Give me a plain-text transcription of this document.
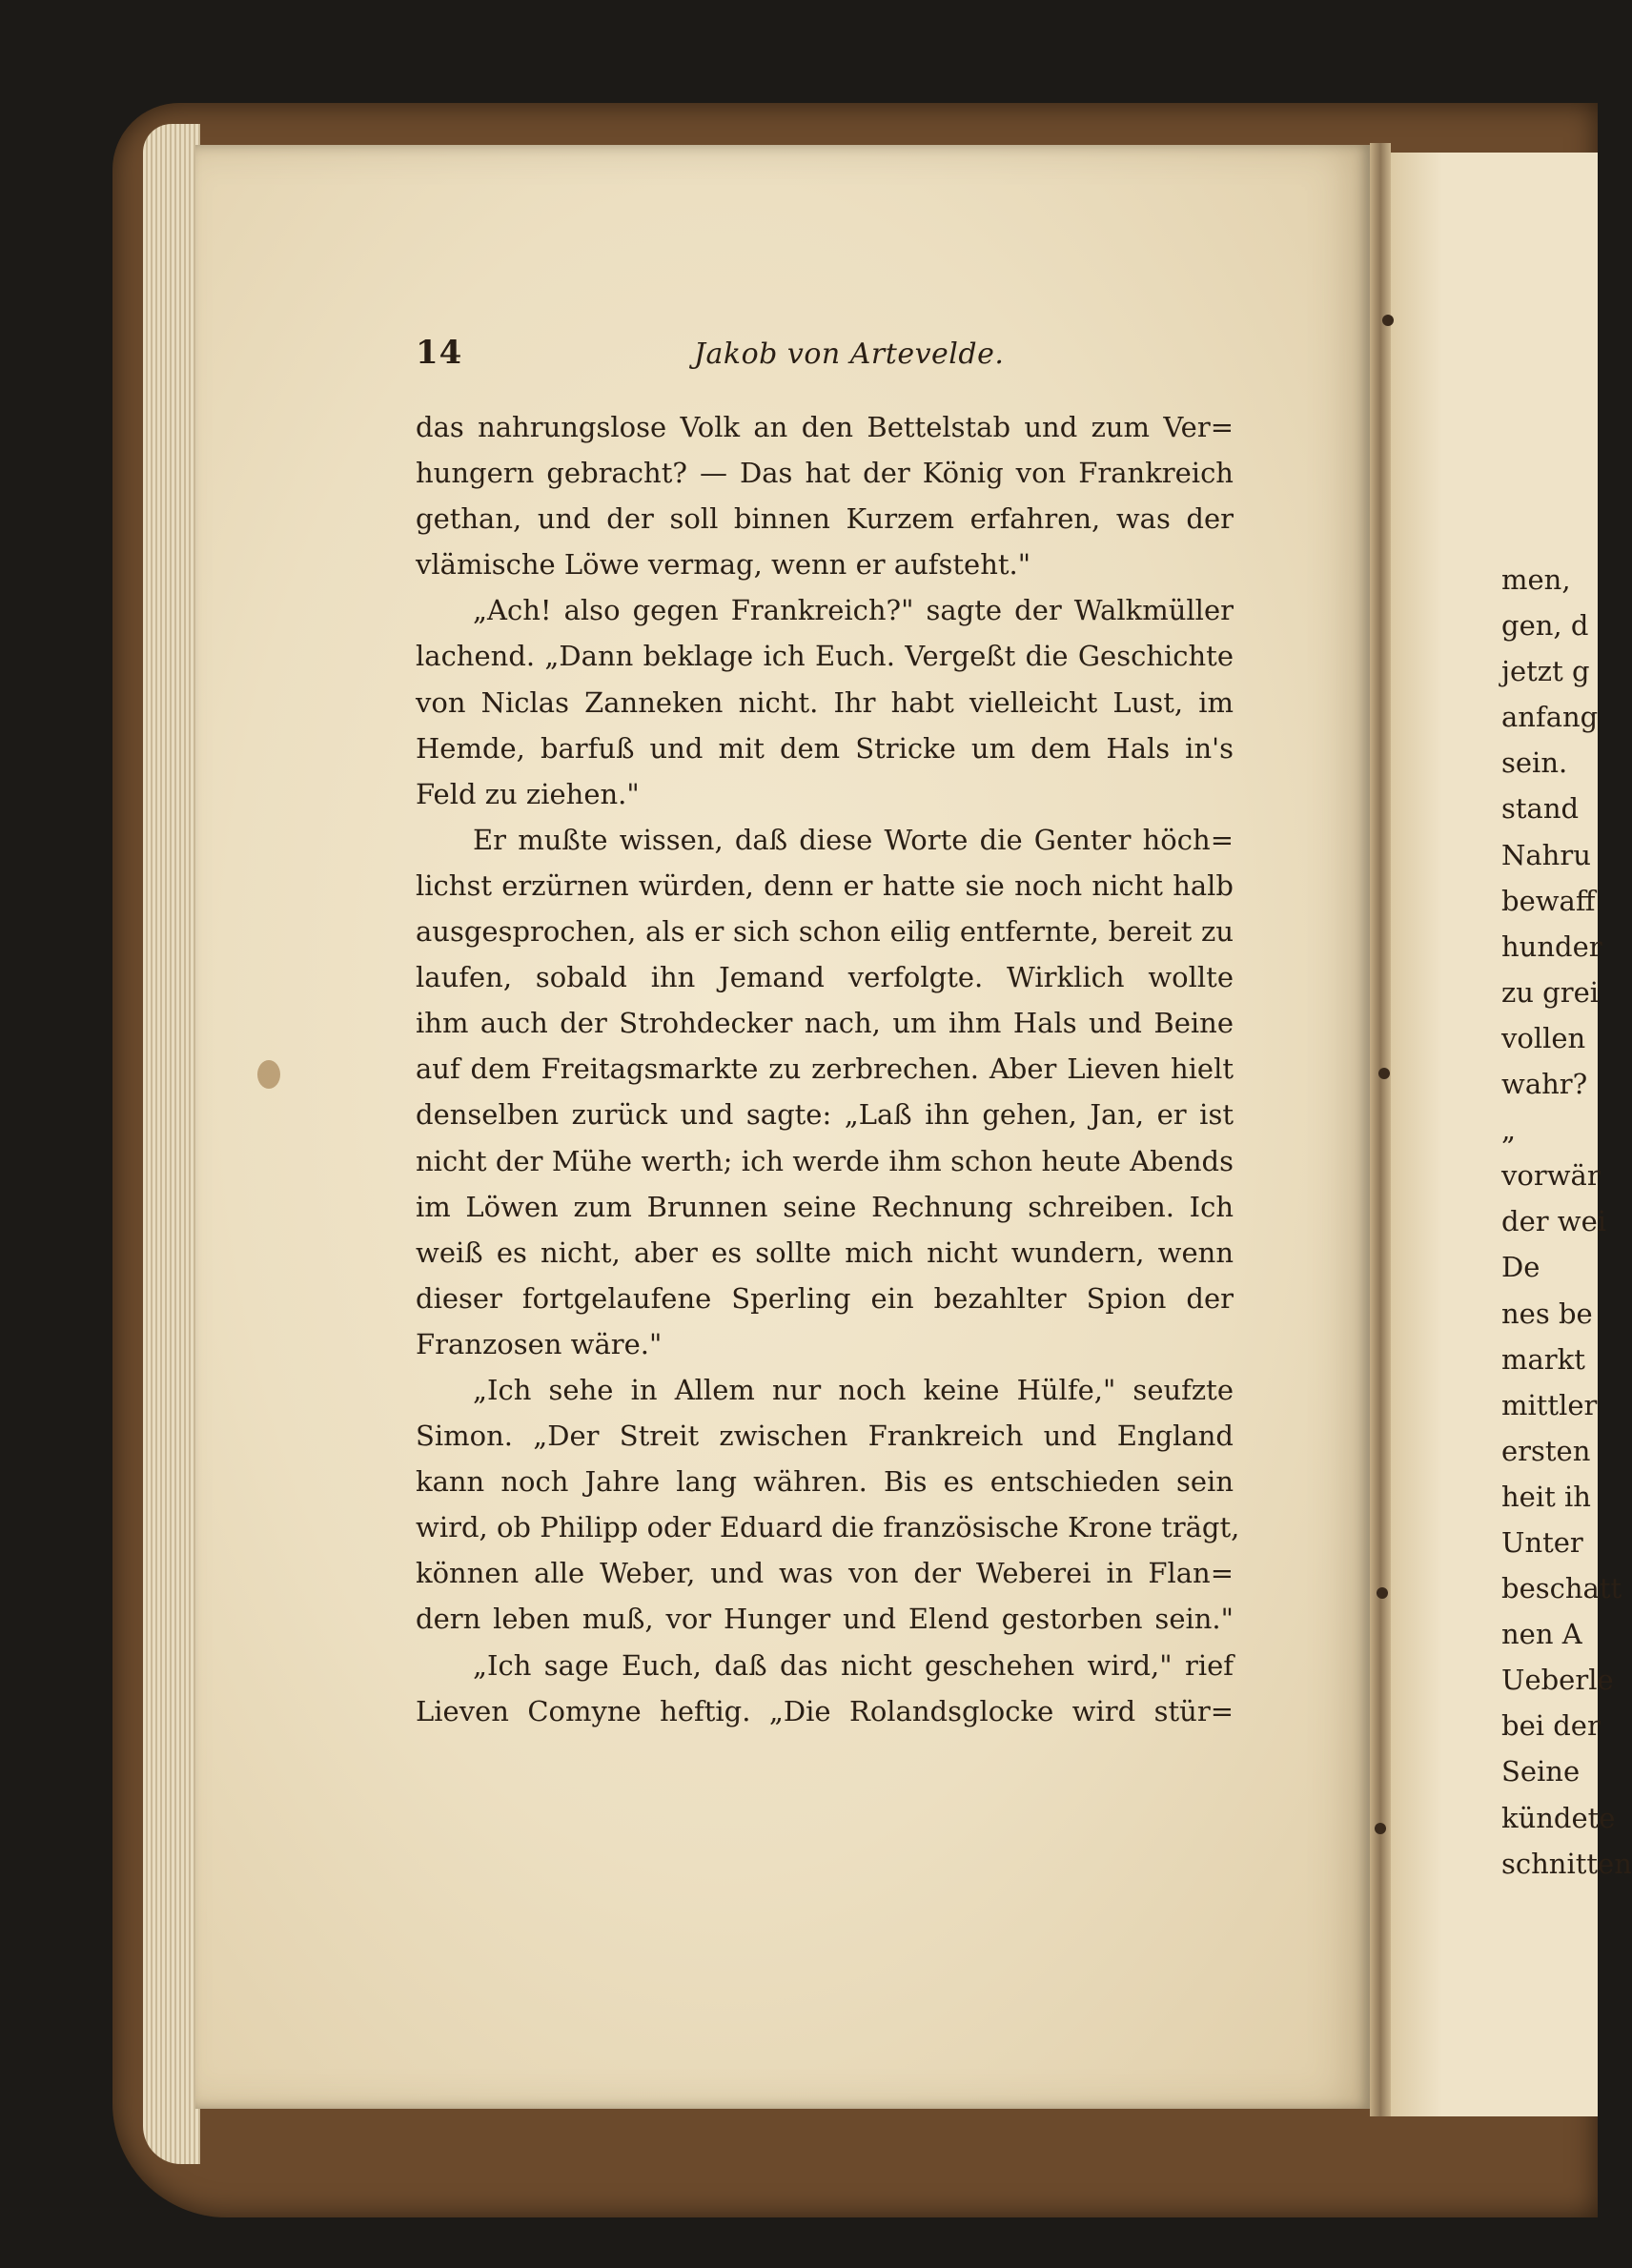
men,
gen, d
jetzt g
anfang
sein.
stand
Nahru
bewaff
hunder
zu grei
vollen
wahr?
„
vorwär
der wei
De
nes be
markt
mittler
ersten
heit ih
Unter
beschatt
nen A
Ueberle
bei der
Seine
kündete
schnitten
14	Jakob von Artevelde.
das nahrungslose Volk an den Bettelstab und zum Ver=
hungern gebracht? — Das hat der König von Frankreich
gethan, und der soll binnen Kurzem erfahren, was der
vlämische Löwe vermag, wenn er aufsteht."
„Ach! also gegen Frankreich?" sagte der Walkmüller
lachend. „Dann beklage ich Euch. Vergeßt die Geschichte
von Niclas Zanneken nicht. Ihr habt vielleicht Lust, im
Hemde, barfuß und mit dem Stricke um dem Hals in's
Feld zu ziehen."
Er mußte wissen, daß diese Worte die Genter höch=
lichst erzürnen würden, denn er hatte sie noch nicht halb
ausgesprochen, als er sich schon eilig entfernte, bereit zu
laufen, sobald ihn Jemand verfolgte. Wirklich wollte
ihm auch der Strohdecker nach, um ihm Hals und Beine
auf dem Freitagsmarkte zu zerbrechen. Aber Lieven hielt
denselben zurück und sagte: „Laß ihn gehen, Jan, er ist
nicht der Mühe werth; ich werde ihm schon heute Abends
im Löwen zum Brunnen seine Rechnung schreiben. Ich
weiß es nicht, aber es sollte mich nicht wundern, wenn
dieser fortgelaufene Sperling ein bezahlter Spion der
Franzosen wäre."
„Ich sehe in Allem nur noch keine Hülfe," seufzte
Simon. „Der Streit zwischen Frankreich und England
kann noch Jahre lang währen. Bis es entschieden sein
wird, ob Philipp oder Eduard die französische Krone trägt,
können alle Weber, und was von der Weberei in Flan=
dern leben muß, vor Hunger und Elend gestorben sein."
„Ich sage Euch, daß das nicht geschehen wird," rief
Lieven Comyne heftig. „Die Rolandsglocke wird stür=
